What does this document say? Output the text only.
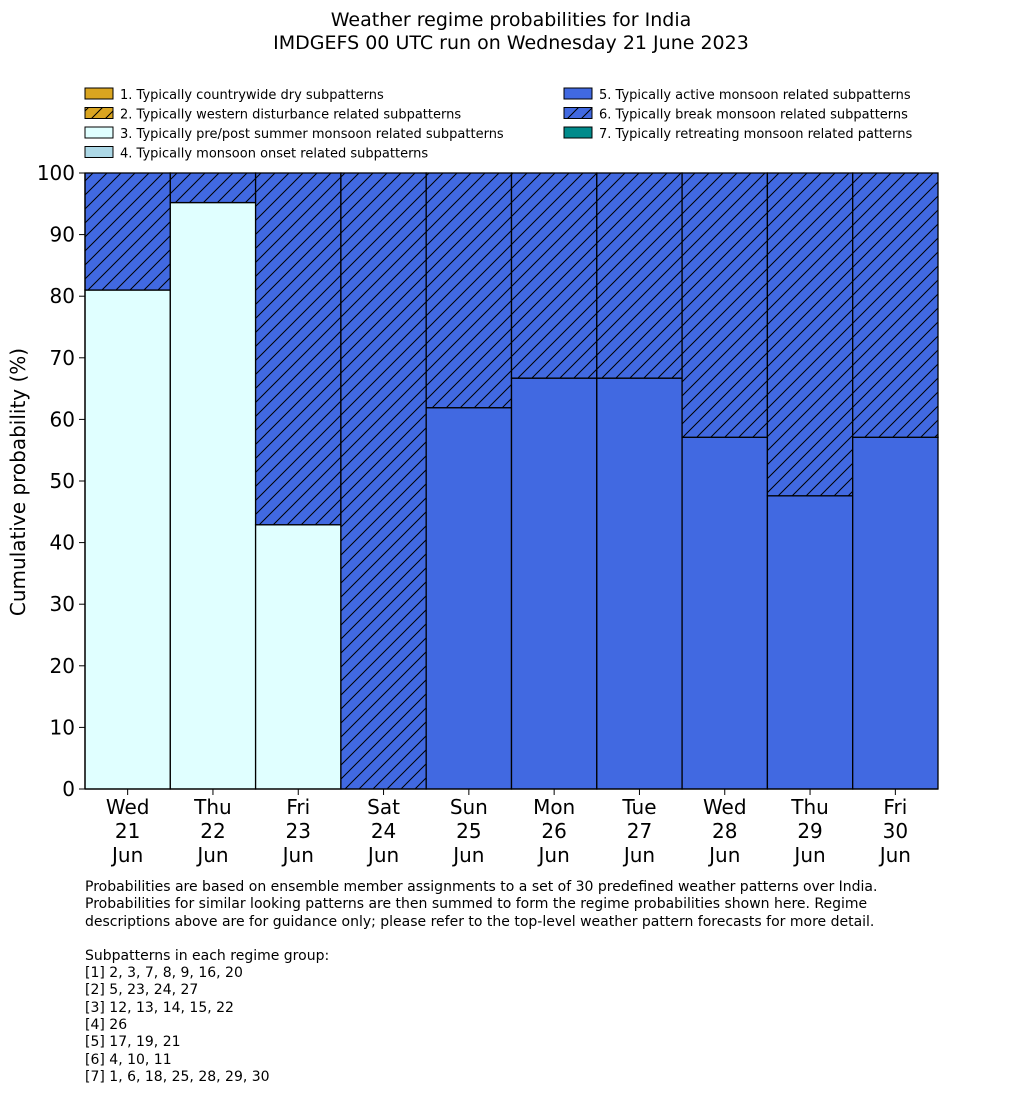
Weather regime probabilities for India
IMDGEFS 00 UTC run on Wednesday 21 June 2023
1. Typically countrywide dry subpatterns
2. Typically western disturbance related subpatterns
3. Typically pre/post summer monsoon related subpatterns
4. Typically monsoon onset related subpatterns
5. Typically active monsoon related subpatterns
6. Typically break monsoon related subpatterns
7. Typically retreating monsoon related patterns
0
10
20
30
40
50
60
70
80
90
100
Wed 21 Jun
Thu 22 Jun
Fri 23 Jun
Sat 24 Jun
Sun 25 Jun
Mon 26 Jun
Tue 27 Jun
Wed 28 Jun
Thu 29 Jun
Fri 30 Jun
Cumulative probability (%)

Probabilities are based on ensemble member assignments to a set of 30 predefined weather patterns over India.

Probabilities for similar looking patterns are then summed to form the regime probabilities shown here. Regime

descriptions above are for guidance only; please refer to the top-level weather pattern forecasts for more detail.

Subpatterns in each regime group:

[1] 2, 3, 7, 8, 9, 16, 20

[2] 5, 23, 24, 27

[3] 12, 13, 14, 15, 22

[4] 26

[5] 17, 19, 21

[6] 4, 10, 11

[7] 1, 6, 18, 25, 28, 29, 30
